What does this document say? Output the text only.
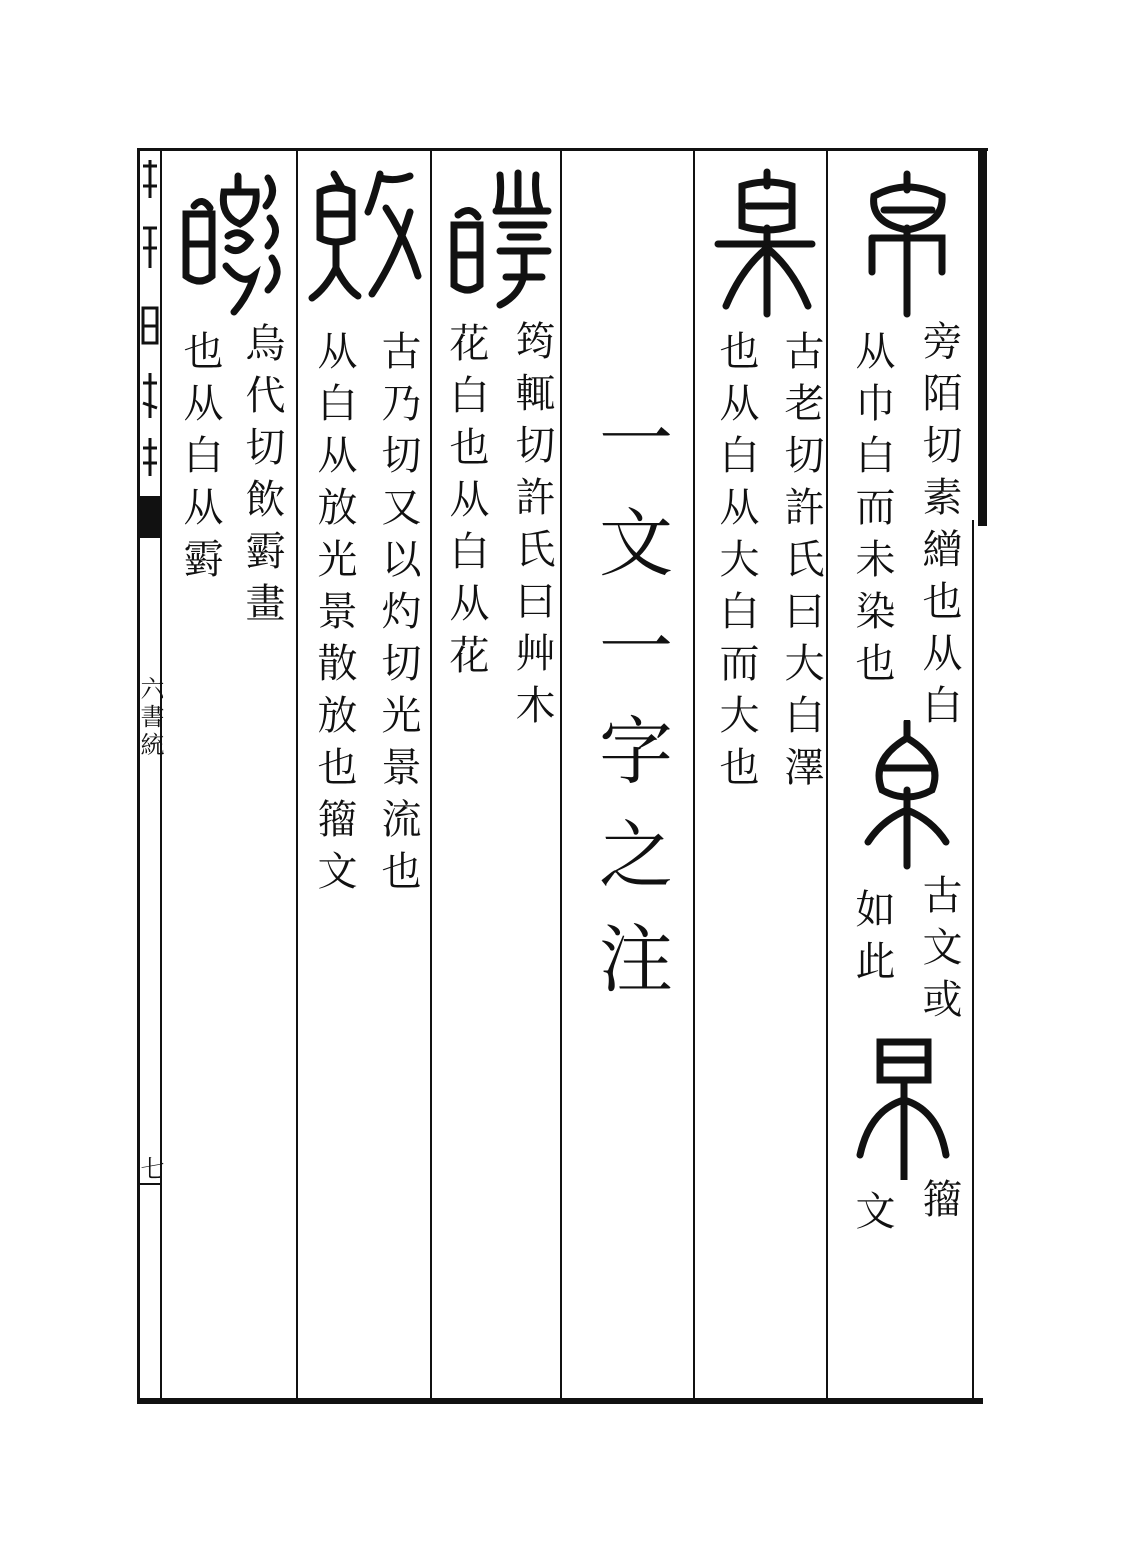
六書統
七
旁陌切素繒也从白
从巾白而未染也
古文或
如此
籀
文
古老切許氏曰大白澤
也从白从大白而大也
一文一字之注
筠輒切許氏曰艸木
花白也从白从花
古乃切又以灼切光景流也
从白从放光景散放也籀文
烏代切飲䨴畫
也从白从䨴
